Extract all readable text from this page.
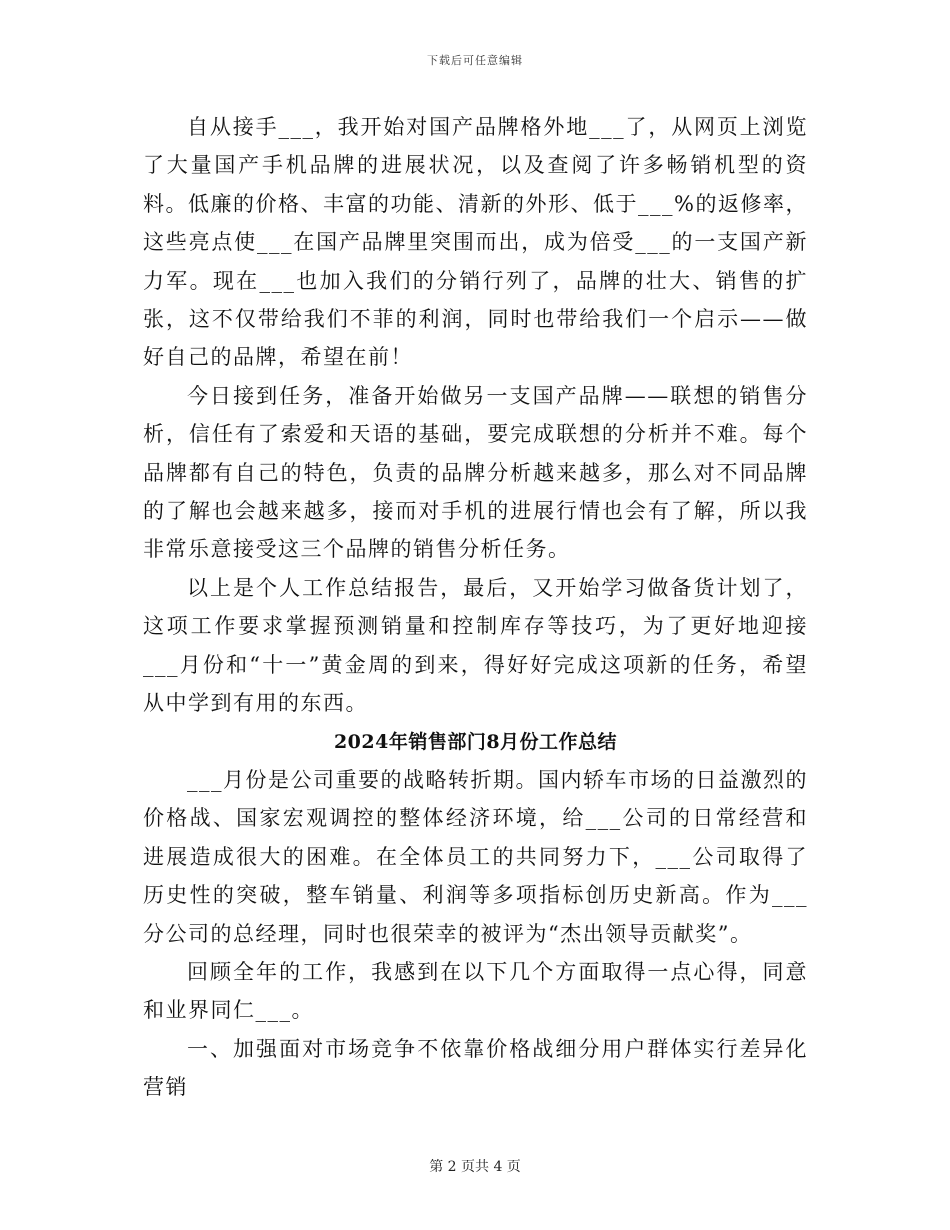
下载后可任意编辑

自从接手___，我开始对国产品牌格外地___了，从网页上浏览了大量国产手机品牌的进展状况，以及查阅了许多畅销机型的资料。低廉的价格、丰富的功能、清新的外形、低于___%的返修率，这些亮点使___在国产品牌里突围而出，成为倍受___的一支国产新力军。现在___也加入我们的分销行列了，品牌的壮大、销售的扩张，这不仅带给我们不菲的利润，同时也带给我们一个启示——做好自己的品牌，希望在前！

今日接到任务，准备开始做另一支国产品牌——联想的销售分析，信任有了索爱和天语的基础，要完成联想的分析并不难。每个品牌都有自己的特色，负责的品牌分析越来越多，那么对不同品牌的了解也会越来越多，接而对手机的进展行情也会有了解，所以我非常乐意接受这三个品牌的销售分析任务。

以上是个人工作总结报告，最后，又开始学习做备货计划了，这项工作要求掌握预测销量和控制库存等技巧，为了更好地迎接___月份和“十一”黄金周的到来，得好好完成这项新的任务，希望从中学到有用的东西。

2024年销售部门8月份工作总结

___月份是公司重要的战略转折期。国内轿车市场的日益激烈的价格战、国家宏观调控的整体经济环境，给___公司的日常经营和进展造成很大的困难。在全体员工的共同努力下，___公司取得了历史性的突破，整车销量、利润等多项指标创历史新高。作为___分公司的总经理，同时也很荣幸的被评为“杰出领导贡献奖”。

回顾全年的工作，我感到在以下几个方面取得一点心得，同意和业界同仁___。

一、加强面对市场竞争不依靠价格战细分用户群体实行差异化营销

第 2 页共 4 页
